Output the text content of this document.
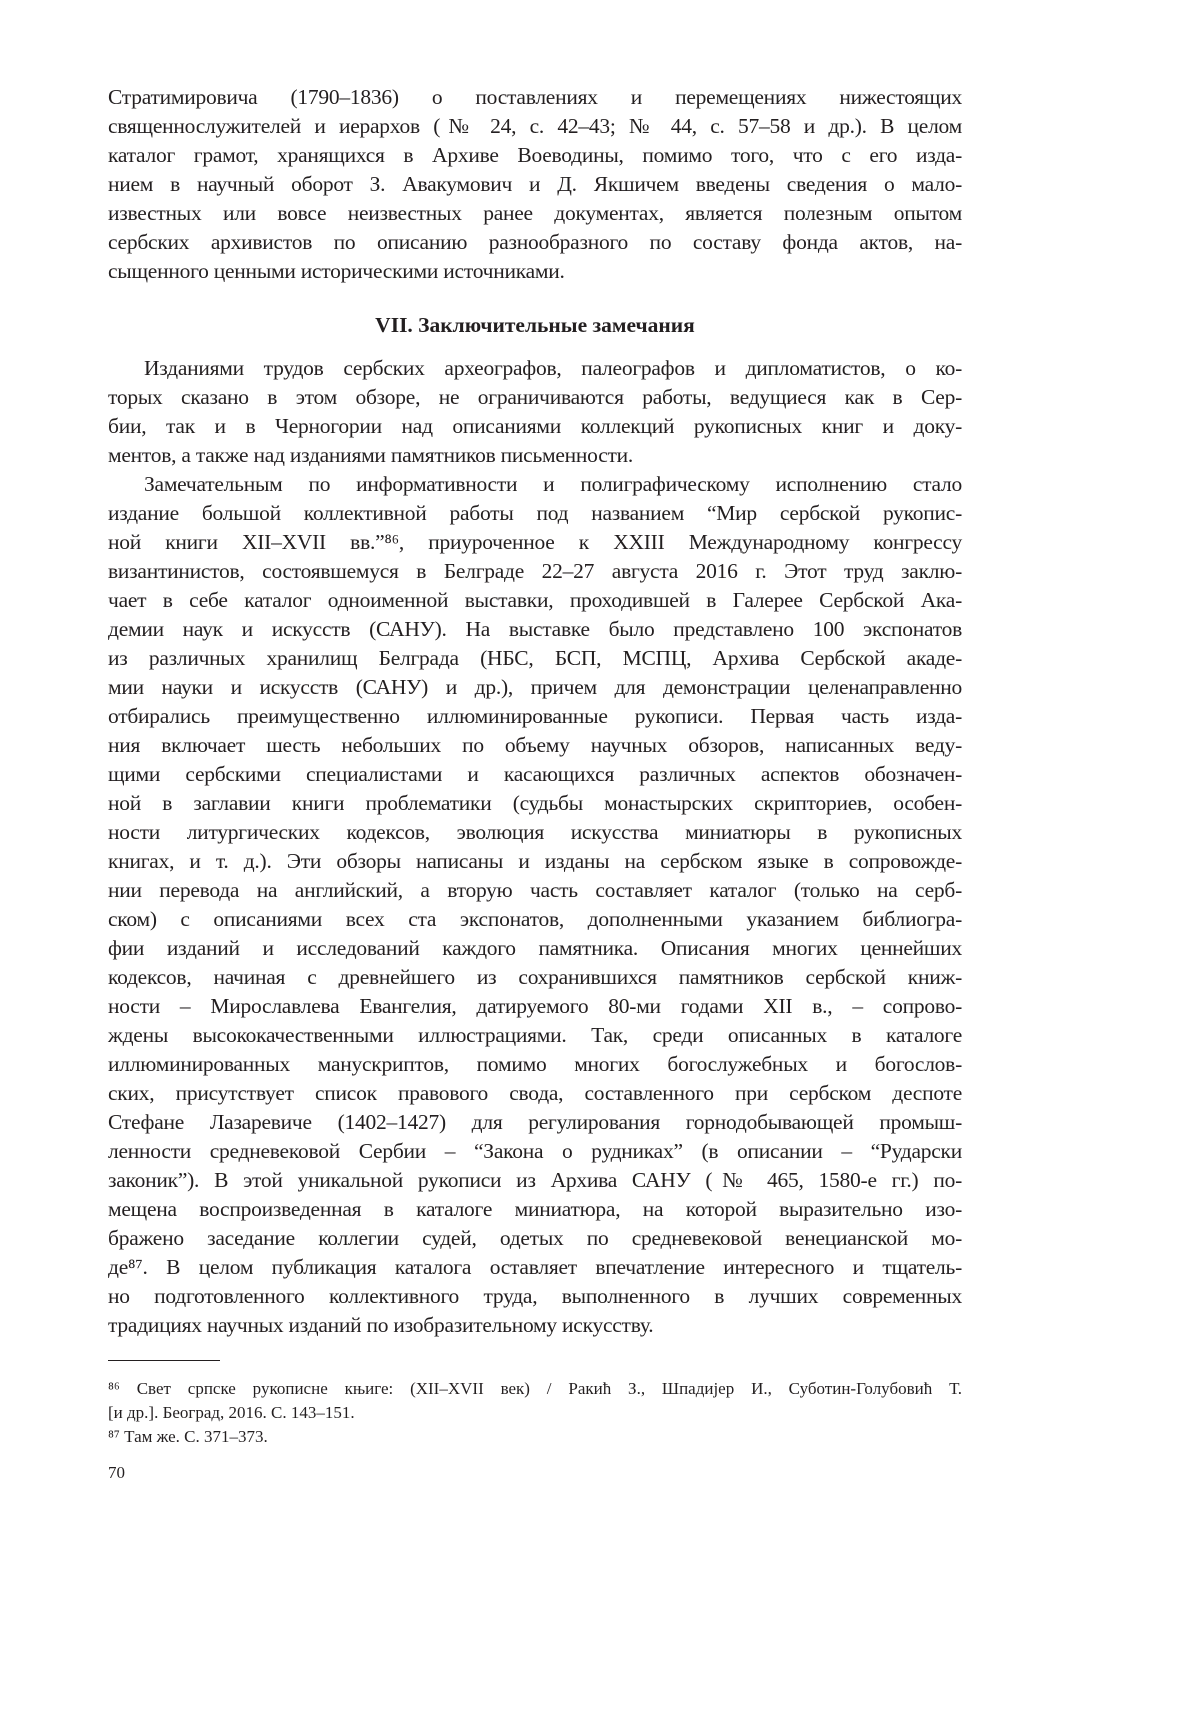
Стратимировича (1790–1836) о поставлениях и перемещениях нижестоящих
священнослужителей и иерархов (№ 24, с. 42–43; № 44, с. 57–58 и др.). В целом
каталог грамот, хранящихся в Архиве Воеводины, помимо того, что с его изда-
нием в научный оборот З. Авакумович и Д. Якшичем введены сведения о мало-
известных или вовсе неизвестных ранее документах, является полезным опытом
сербских архивистов по описанию разнообразного по составу фонда актов, на-
сыщенного ценными историческими источниками.
VII. Заключительные замечания
Изданиями трудов сербских археографов, палеографов и дипломатистов, о ко-
торых сказано в этом обзоре, не ограничиваются работы, ведущиеся как в Сер-
бии, так и в Черногории над описаниями коллекций рукописных книг и доку-
ментов, а также над изданиями памятников письменности.
Замечательным по информативности и полиграфическому исполнению стало
издание большой коллективной работы под названием “Мир сербской рукопис-
ной книги XII–XVII вв.”⁸⁶, приуроченное к XXIII Международному конгрессу
византинистов, состоявшемуся в Белграде 22–27 августа 2016 г. Этот труд заклю-
чает в себе каталог одноименной выставки, проходившей в Галерее Сербской Ака-
демии наук и искусств (САНУ). На выставке было представлено 100 экспонатов
из различных хранилищ Белграда (НБС, БСП, МСПЦ, Архива Сербской акаде-
мии науки и искусств (САНУ) и др.), причем для демонстрации целенаправленно
отбирались преимущественно иллюминированные рукописи. Первая часть изда-
ния включает шесть небольших по объему научных обзоров, написанных веду-
щими сербскими специалистами и касающихся различных аспектов обозначен-
ной в заглавии книги проблематики (судьбы монастырских скрипториев, особен-
ности литургических кодексов, эволюция искусства миниатюры в рукописных
книгах, и т. д.). Эти обзоры написаны и изданы на сербском языке в сопровожде-
нии перевода на английский, а вторую часть составляет каталог (только на серб-
ском) с описаниями всех ста экспонатов, дополненными указанием библиогра-
фии изданий и исследований каждого памятника. Описания многих ценнейших
кодексов, начиная с древнейшего из сохранившихся памятников сербской книж-
ности – Мирославлева Евангелия, датируемого 80-ми годами XII в., – сопрово-
ждены высококачественными иллюстрациями. Так, среди описанных в каталоге
иллюминированных манускриптов, помимо многих богослужебных и богослов-
ских, присутствует список правового свода, составленного при сербском деспоте
Стефане Лазаревиче (1402–1427) для регулирования горнодобывающей промыш-
ленности средневековой Сербии – “Закона о рудниках” (в описании – “Рударски
законик”). В этой уникальной рукописи из Архива САНУ (№ 465, 1580-е гг.) по-
мещена воспроизведенная в каталоге миниатюра, на которой выразительно изо-
бражено заседание коллегии судей, одетых по средневековой венецианской мо-
де⁸⁷. В целом публикация каталога оставляет впечатление интересного и тщатель-
но подготовленного коллективного труда, выполненного в лучших современных
традициях научных изданий по изобразительному искусству.
⁸⁶ Свет српске рукописне књиге: (XII–XVII век) / Ракић З., Шпадијер И., Суботин-Голубовић Т.
[и др.]. Београд, 2016. С. 143–151.
⁸⁷ Там же. С. 371–373.
70
